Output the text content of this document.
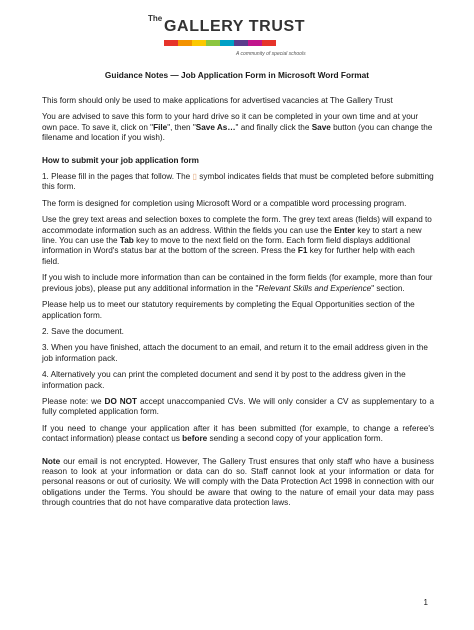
The GALLERY TRUST
A community of special schools
Guidance Notes — Job Application Form in Microsoft Word Format

This form should only be used to make applications for advertised vacancies at The Gallery Trust

You are advised to save this form to your hard drive so it can be completed in your own time and at your own pace. To save it, click on "File", then "Save As…" and finally click the Save button (you can change the filename and location if you wish).

How to submit your job application form

1. Please fill in the pages that follow. The ▯ symbol indicates fields that must be completed before submitting this form.

The form is designed for completion using Microsoft Word or a compatible word processing program.

Use the grey text areas and selection boxes to complete the form. The grey text areas (fields) will expand to accommodate information such as an address. Within the fields you can use the Enter key to start a new line. You can use the Tab key to move to the next field on the form. Each form field displays additional information in Word's status bar at the bottom of the screen. Press the F1 key for further help with each field.

If you wish to include more information than can be contained in the form fields (for example, more than four previous jobs), please put any additional information in the "Relevant Skills and Experience" section.

Please help us to meet our statutory requirements by completing the Equal Opportunities section of the application form.

2. Save the document.

3. When you have finished, attach the document to an email, and return it to the email address given in the job information pack.

4. Alternatively you can print the completed document and send it by post to the address given in the information pack.

Please note: we DO NOT accept unaccompanied CVs. We will only consider a CV as supplementary to a fully completed application form.

If you need to change your application after it has been submitted (for example, to change a referee's contact information) please contact us before sending a second copy of your application form.

Note our email is not encrypted. However, The Gallery Trust ensures that only staff who have a business reason to look at your information or data can do so. Staff cannot look at your information or data for personal reasons or out of curiosity. We will comply with the Data Protection Act 1998 in connection with our obligations under the Terms. You should be aware that owing to the nature of email your data may pass through countries that do not have comparative data protection laws.

1
